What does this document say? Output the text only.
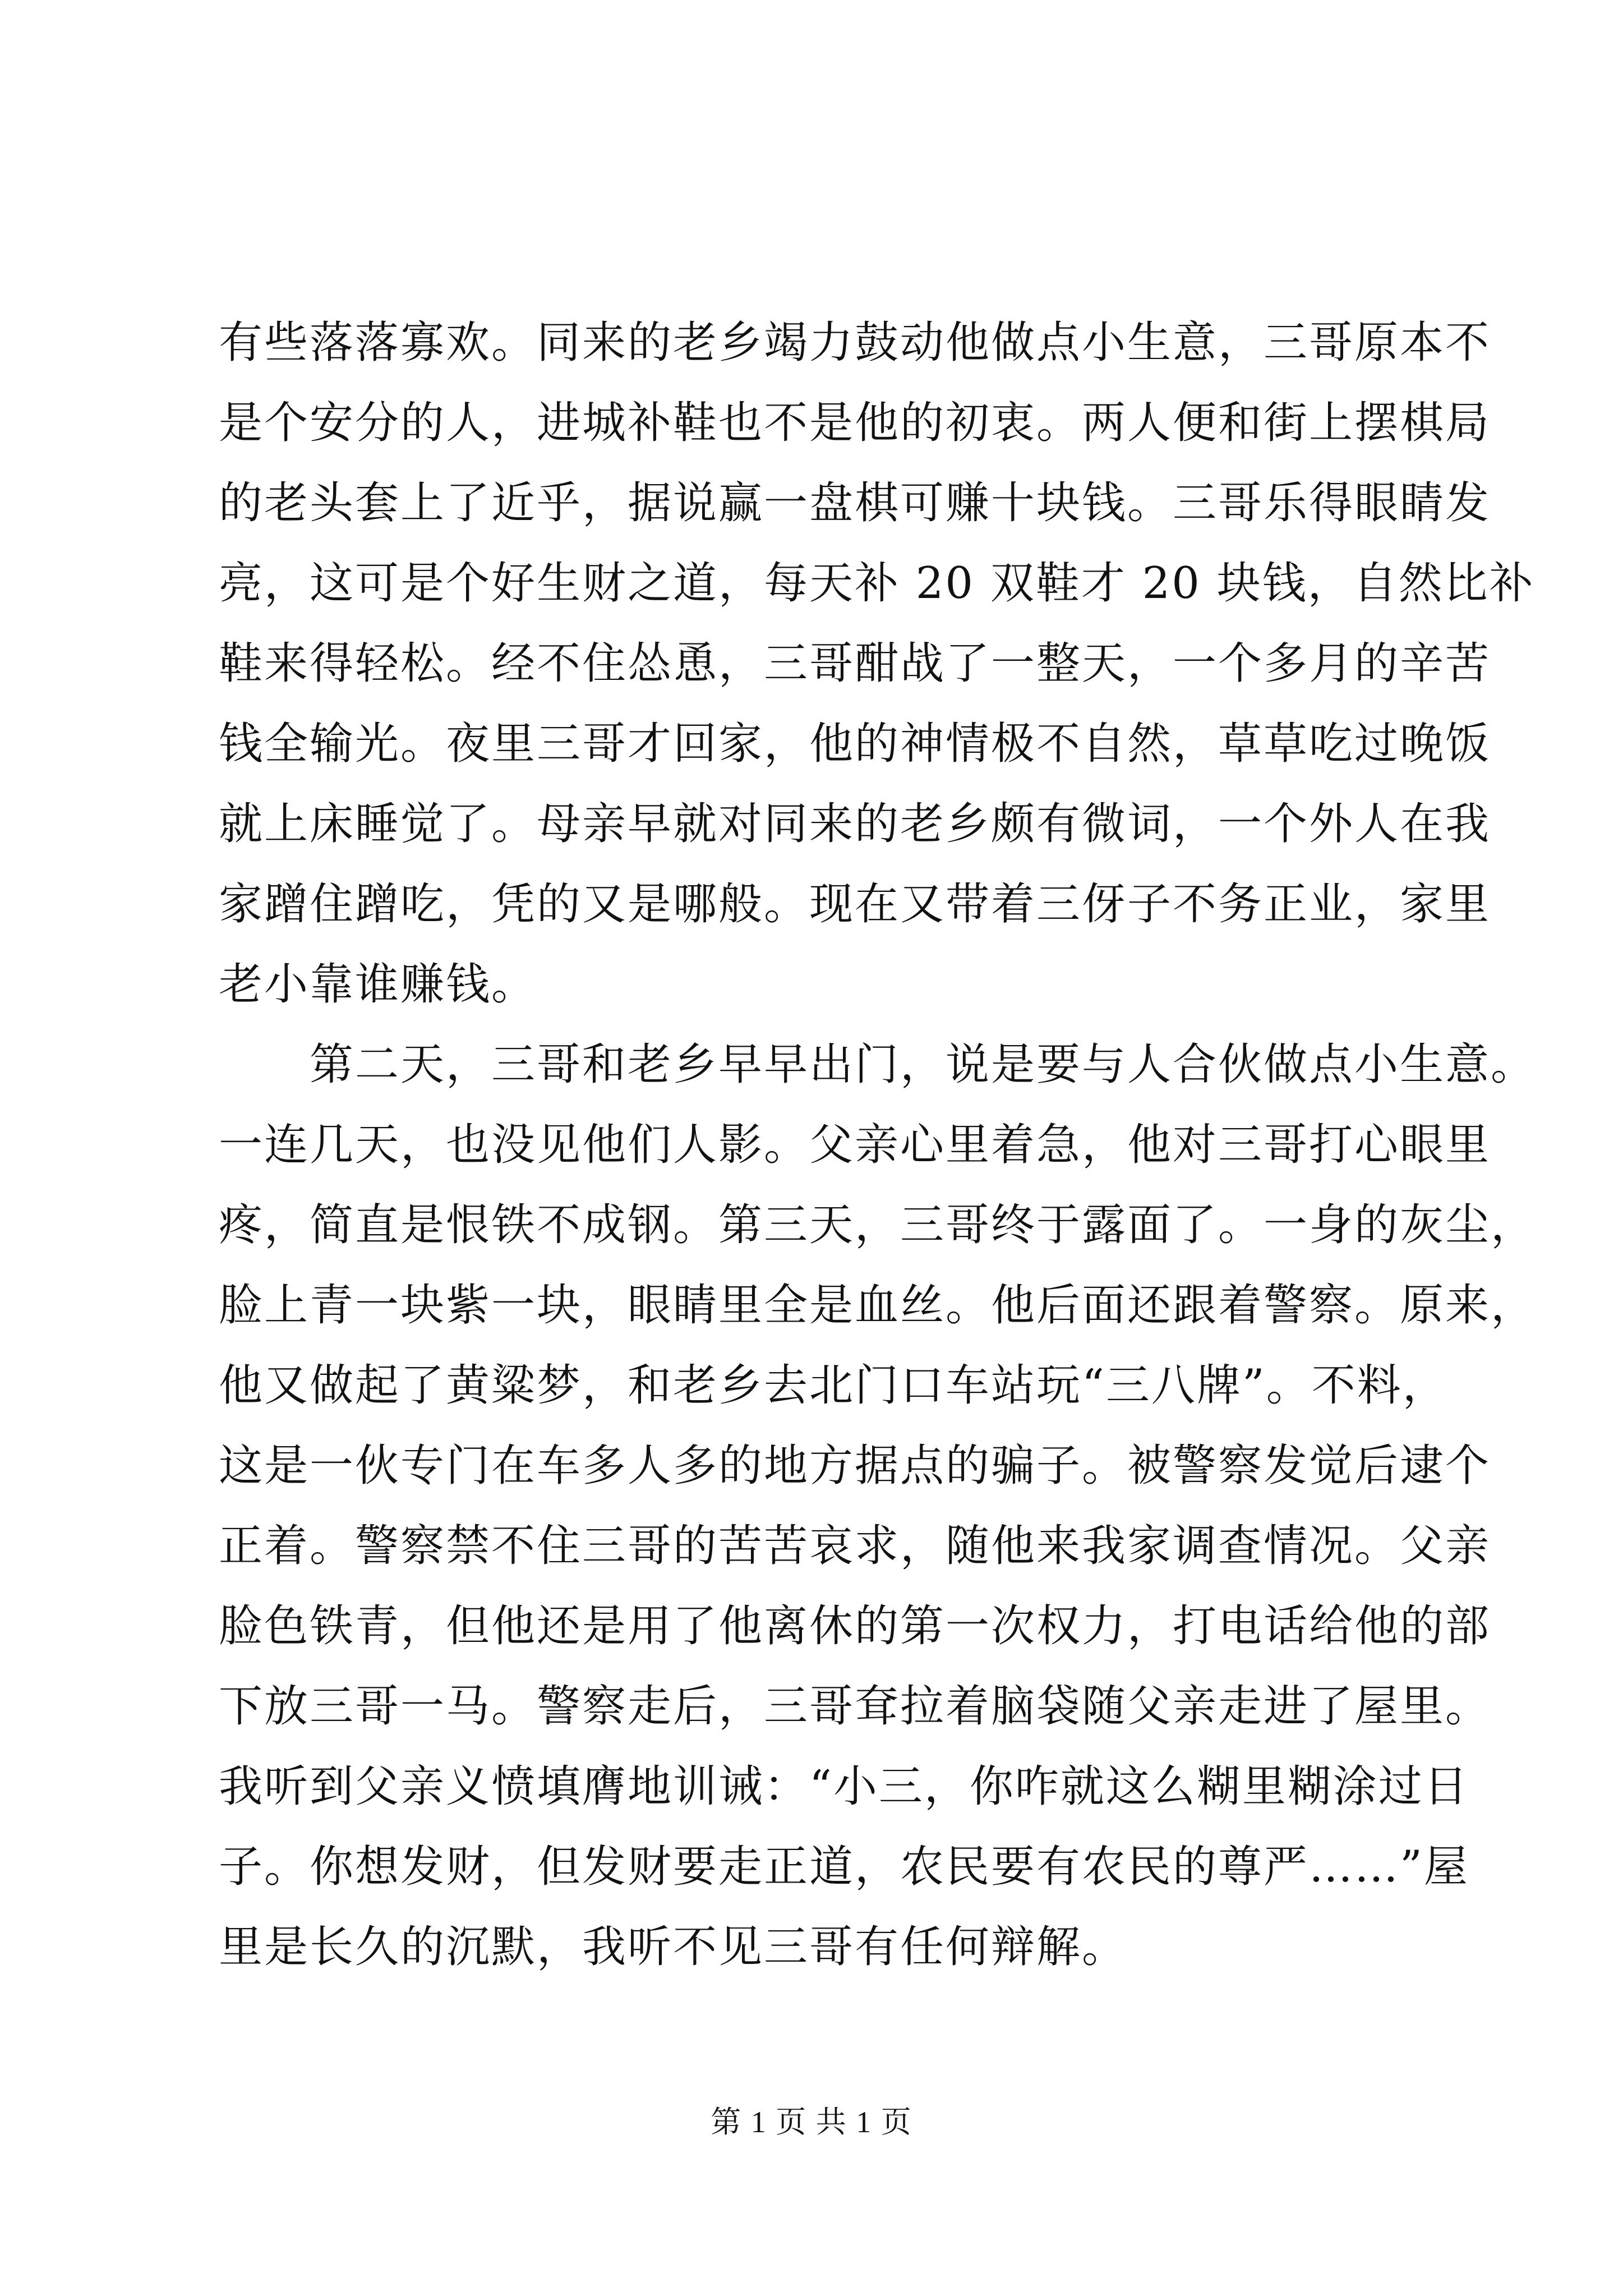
有些落落寡欢。同来的老乡竭力鼓动他做点小生意，三哥原本不
是个安分的人，进城补鞋也不是他的初衷。两人便和街上摆棋局
的老头套上了近乎，据说赢一盘棋可赚十块钱。三哥乐得眼睛发
亮，这可是个好生财之道，每天补 20 双鞋才 20 块钱，自然比补
鞋来得轻松。经不住怂恿，三哥酣战了一整天，一个多月的辛苦
钱全输光。夜里三哥才回家，他的神情极不自然，草草吃过晚饭
就上床睡觉了。母亲早就对同来的老乡颇有微词，一个外人在我
家蹭住蹭吃，凭的又是哪般。现在又带着三伢子不务正业，家里
老小靠谁赚钱。
　　第二天，三哥和老乡早早出门，说是要与人合伙做点小生意。
一连几天，也没见他们人影。父亲心里着急，他对三哥打心眼里
疼，简直是恨铁不成钢。第三天，三哥终于露面了。一身的灰尘，
脸上青一块紫一块，眼睛里全是血丝。他后面还跟着警察。原来，
他又做起了黄粱梦，和老乡去北门口车站玩“三八牌”。不料，
这是一伙专门在车多人多的地方据点的骗子。被警察发觉后逮个
正着。警察禁不住三哥的苦苦哀求，随他来我家调查情况。父亲
脸色铁青，但他还是用了他离休的第一次权力，打电话给他的部
下放三哥一马。警察走后，三哥耷拉着脑袋随父亲走进了屋里。
我听到父亲义愤填膺地训诫：“小三，你咋就这么糊里糊涂过日
子。你想发财，但发财要走正道，农民要有农民的尊严……”屋
里是长久的沉默，我听不见三哥有任何辩解。
第 1 页 共 1 页
